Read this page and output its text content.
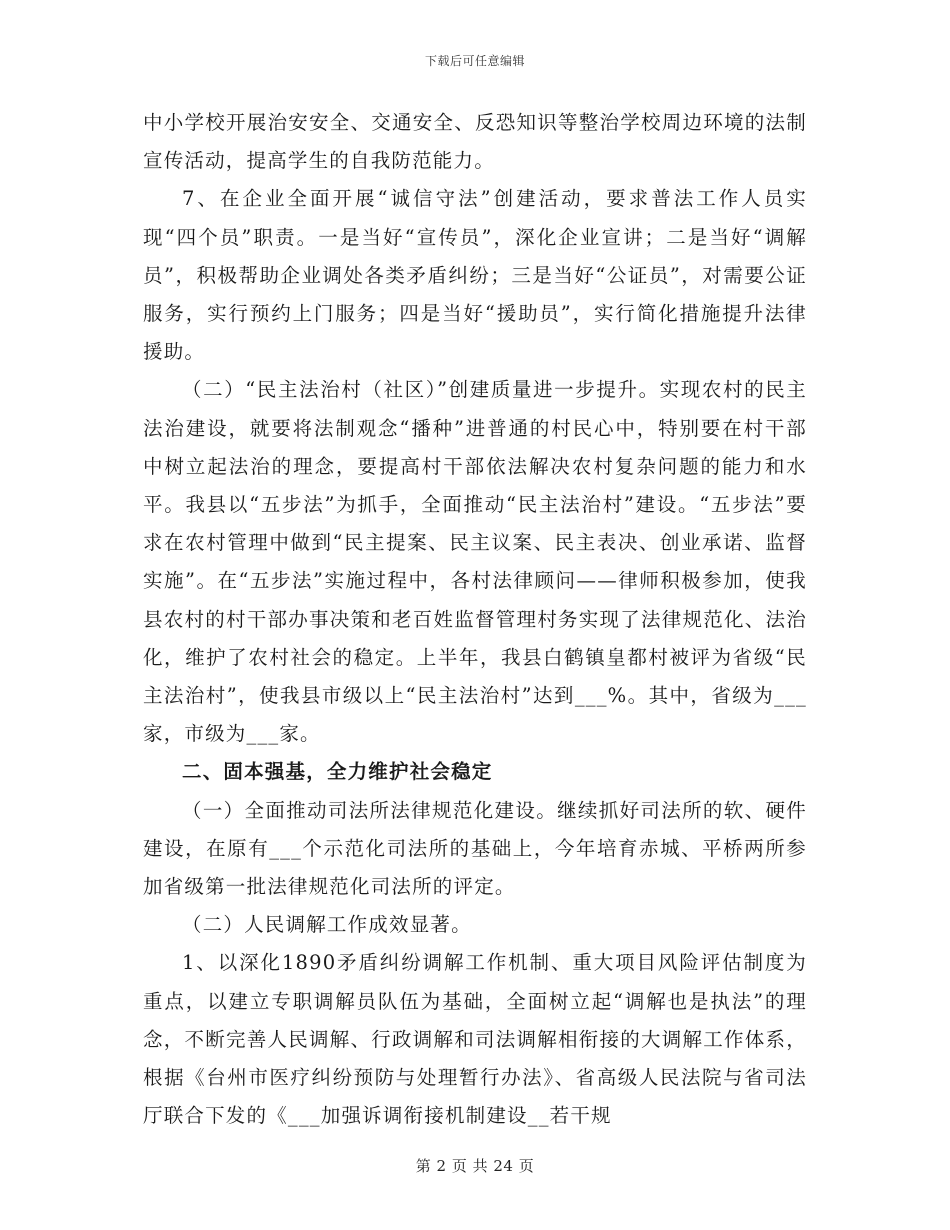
下载后可任意编辑

中小学校开展治安安全、交通安全、反恐知识等整治学校周边环境的法制宣传活动，提高学生的自我防范能力。

7、在企业全面开展“诚信守法”创建活动，要求普法工作人员实现“四个员”职责。一是当好“宣传员”，深化企业宣讲；二是当好“调解员”，积极帮助企业调处各类矛盾纠纷；三是当好“公证员”，对需要公证服务，实行预约上门服务；四是当好“援助员”，实行简化措施提升法律援助。

（二）“民主法治村（社区）”创建质量进一步提升。实现农村的民主法治建设，就要将法制观念“播种”进普通的村民心中，特别要在村干部中树立起法治的理念，要提高村干部依法解决农村复杂问题的能力和水平。我县以“五步法”为抓手，全面推动“民主法治村”建设。“五步法”要求在农村管理中做到“民主提案、民主议案、民主表决、创业承诺、监督实施”。在“五步法”实施过程中，各村法律顾问——律师积极参加，使我县农村的村干部办事决策和老百姓监督管理村务实现了法律规范化、法治化，维护了农村社会的稳定。上半年，我县白鹤镇皇都村被评为省级“民主法治村”，使我县市级以上“民主法治村”达到___%。其中，省级为___家，市级为___家。

二、固本强基，全力维护社会稳定

（一）全面推动司法所法律规范化建设。继续抓好司法所的软、硬件建设，在原有___个示范化司法所的基础上，今年培育赤城、平桥两所参加省级第一批法律规范化司法所的评定。

（二）人民调解工作成效显著。

1、以深化1890矛盾纠纷调解工作机制、重大项目风险评估制度为重点，以建立专职调解员队伍为基础，全面树立起“调解也是执法”的理念，不断完善人民调解、行政调解和司法调解相衔接的大调解工作体系，根据《台州市医疗纠纷预防与处理暂行办法》、省高级人民法院与省司法厅联合下发的《___加强诉调衔接机制建设__若干规

第 2 页 共 24 页
